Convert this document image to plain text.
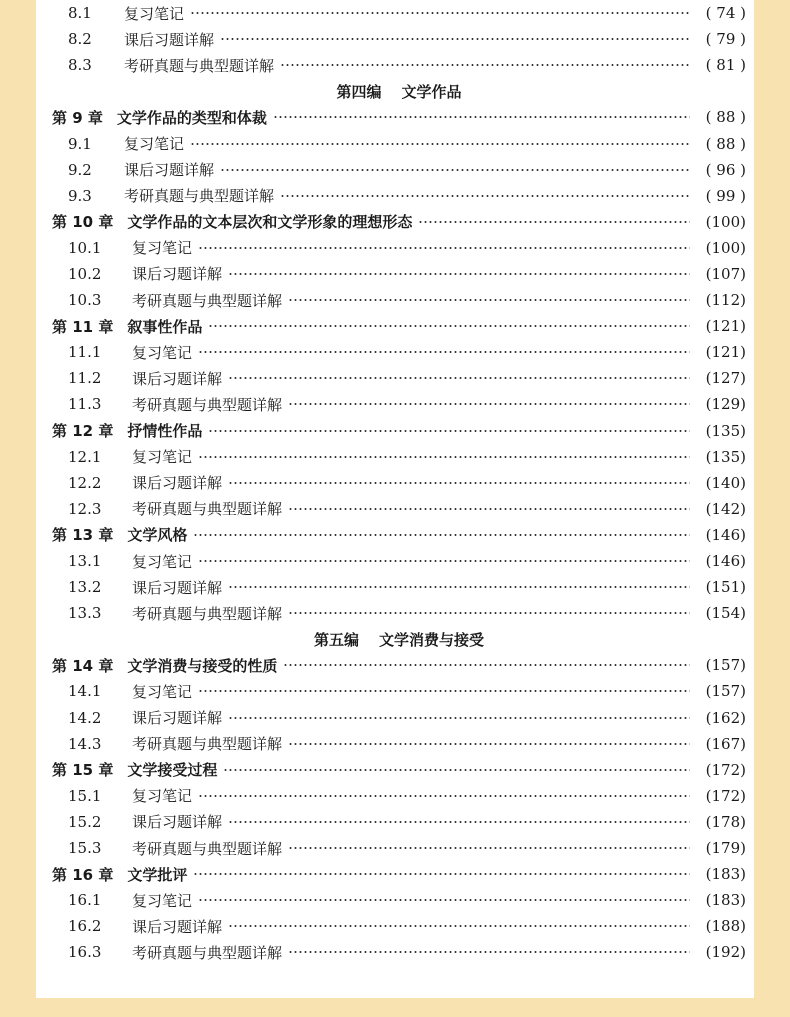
8.1	复习笔记	( 74 )
8.2	课后习题详解	( 79 )
8.3	考研真题与典型题详解	( 81 )
第四编 文学作品
第 9 章 文学作品的类型和体裁	( 88 )
9.1	复习笔记	( 88 )
9.2	课后习题详解	( 96 )
9.3	考研真题与典型题详解	( 99 )
第 10 章 文学作品的文本层次和文学形象的理想形态	(100)
10.1	复习笔记	(100)
10.2	课后习题详解	(107)
10.3	考研真题与典型题详解	(112)
第 11 章 叙事性作品	(121)
11.1	复习笔记	(121)
11.2	课后习题详解	(127)
11.3	考研真题与典型题详解	(129)
第 12 章 抒情性作品	(135)
12.1	复习笔记	(135)
12.2	课后习题详解	(140)
12.3	考研真题与典型题详解	(142)
第 13 章 文学风格	(146)
13.1	复习笔记	(146)
13.2	课后习题详解	(151)
13.3	考研真题与典型题详解	(154)
第五编 文学消费与接受
第 14 章 文学消费与接受的性质	(157)
14.1	复习笔记	(157)
14.2	课后习题详解	(162)
14.3	考研真题与典型题详解	(167)
第 15 章 文学接受过程	(172)
15.1	复习笔记	(172)
15.2	课后习题详解	(178)
15.3	考研真题与典型题详解	(179)
第 16 章 文学批评	(183)
16.1	复习笔记	(183)
16.2	课后习题详解	(188)
16.3	考研真题与典型题详解	(192)
